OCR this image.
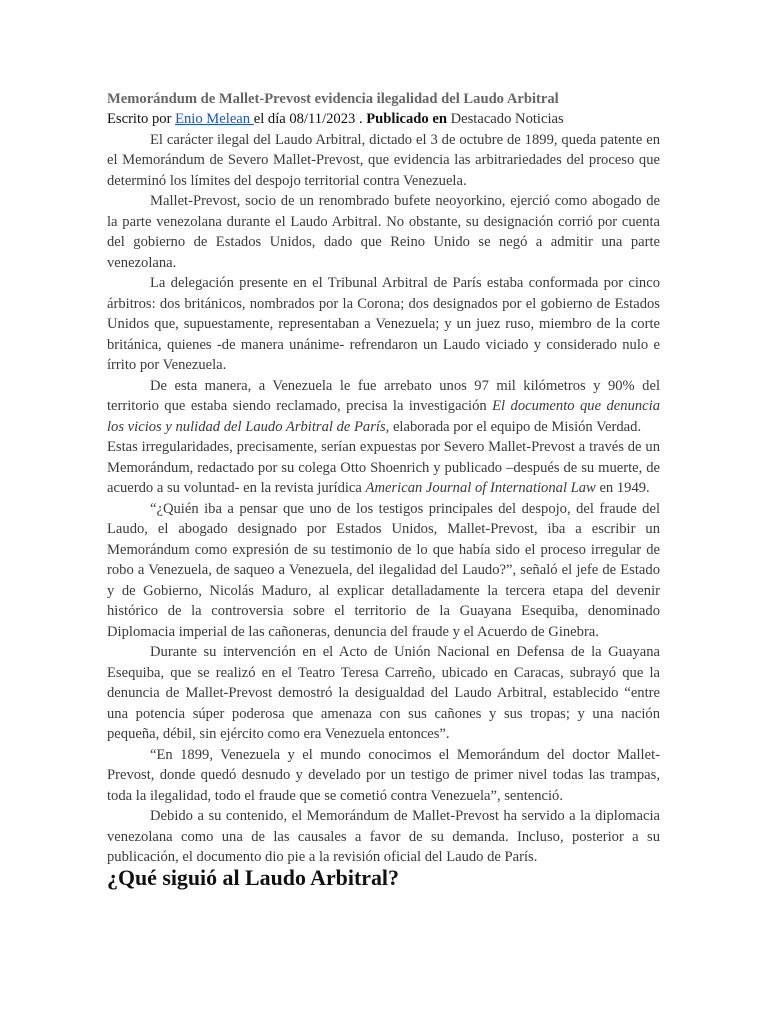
Memorándum de Mallet-Prevost evidencia ilegalidad del Laudo Arbitral
Escrito por Enio Melean el día 08/11/2023 . Publicado en Destacado Noticias

El carácter ilegal del Laudo Arbitral, dictado el 3 de octubre de 1899, queda patente en el Memorándum de Severo Mallet-Prevost, que evidencia las arbitrariedades del proceso que determinó los límites del despojo territorial contra Venezuela.

Mallet-Prevost, socio de un renombrado bufete neoyorkino, ejerció como abogado de la parte venezolana durante el Laudo Arbitral. No obstante, su designación corrió por cuenta del gobierno de Estados Unidos, dado que Reino Unido se negó a admitir una parte venezolana.

La delegación presente en el Tribunal Arbitral de París estaba conformada por cinco árbitros: dos británicos, nombrados por la Corona; dos designados por el gobierno de Estados Unidos que, supuestamente, representaban a Venezuela; y un juez ruso, miembro de la corte británica, quienes -de manera unánime- refrendaron un Laudo viciado y considerado nulo e írrito por Venezuela.

De esta manera, a Venezuela le fue arrebato unos 97 mil kilómetros y 90% del territorio que estaba siendo reclamado, precisa la investigación El documento que denuncia los vicios y nulidad del Laudo Arbitral de París, elaborada por el equipo de Misión Verdad.

Estas irregularidades, precisamente, serían expuestas por Severo Mallet-Prevost a través de un Memorándum, redactado por su colega Otto Shoenrich y publicado –después de su muerte, de acuerdo a su voluntad- en la revista jurídica American Journal of International Law en 1949.

“¿Quién iba a pensar que uno de los testigos principales del despojo, del fraude del Laudo, el abogado designado por Estados Unidos, Mallet-Prevost, iba a escribir un Memorándum como expresión de su testimonio de lo que había sido el proceso irregular de robo a Venezuela, de saqueo a Venezuela, del ilegalidad del Laudo?”, señaló el jefe de Estado y de Gobierno, Nicolás Maduro, al explicar detalladamente la tercera etapa del devenir histórico de la controversia sobre el territorio de la Guayana Esequiba, denominado Diplomacia imperial de las cañoneras, denuncia del fraude y el Acuerdo de Ginebra.

Durante su intervención en el Acto de Unión Nacional en Defensa de la Guayana Esequiba, que se realizó en el Teatro Teresa Carreño, ubicado en Caracas, subrayó que la denuncia de Mallet-Prevost demostró la desigualdad del Laudo Arbitral, establecido “entre una potencia súper poderosa que amenaza con sus cañones y sus tropas; y una nación pequeña, débil, sin ejército como era Venezuela entonces”.

“En 1899, Venezuela y el mundo conocimos el Memorándum del doctor Mallet-Prevost, donde quedó desnudo y develado por un testigo de primer nivel todas las trampas, toda la ilegalidad, todo el fraude que se cometió contra Venezuela”, sentenció.

Debido a su contenido, el Memorándum de Mallet-Prevost ha servido a la diplomacia venezolana como una de las causales a favor de su demanda. Incluso, posterior a su publicación, el documento dio pie a la revisión oficial del Laudo de París.

¿Qué siguió al Laudo Arbitral?
